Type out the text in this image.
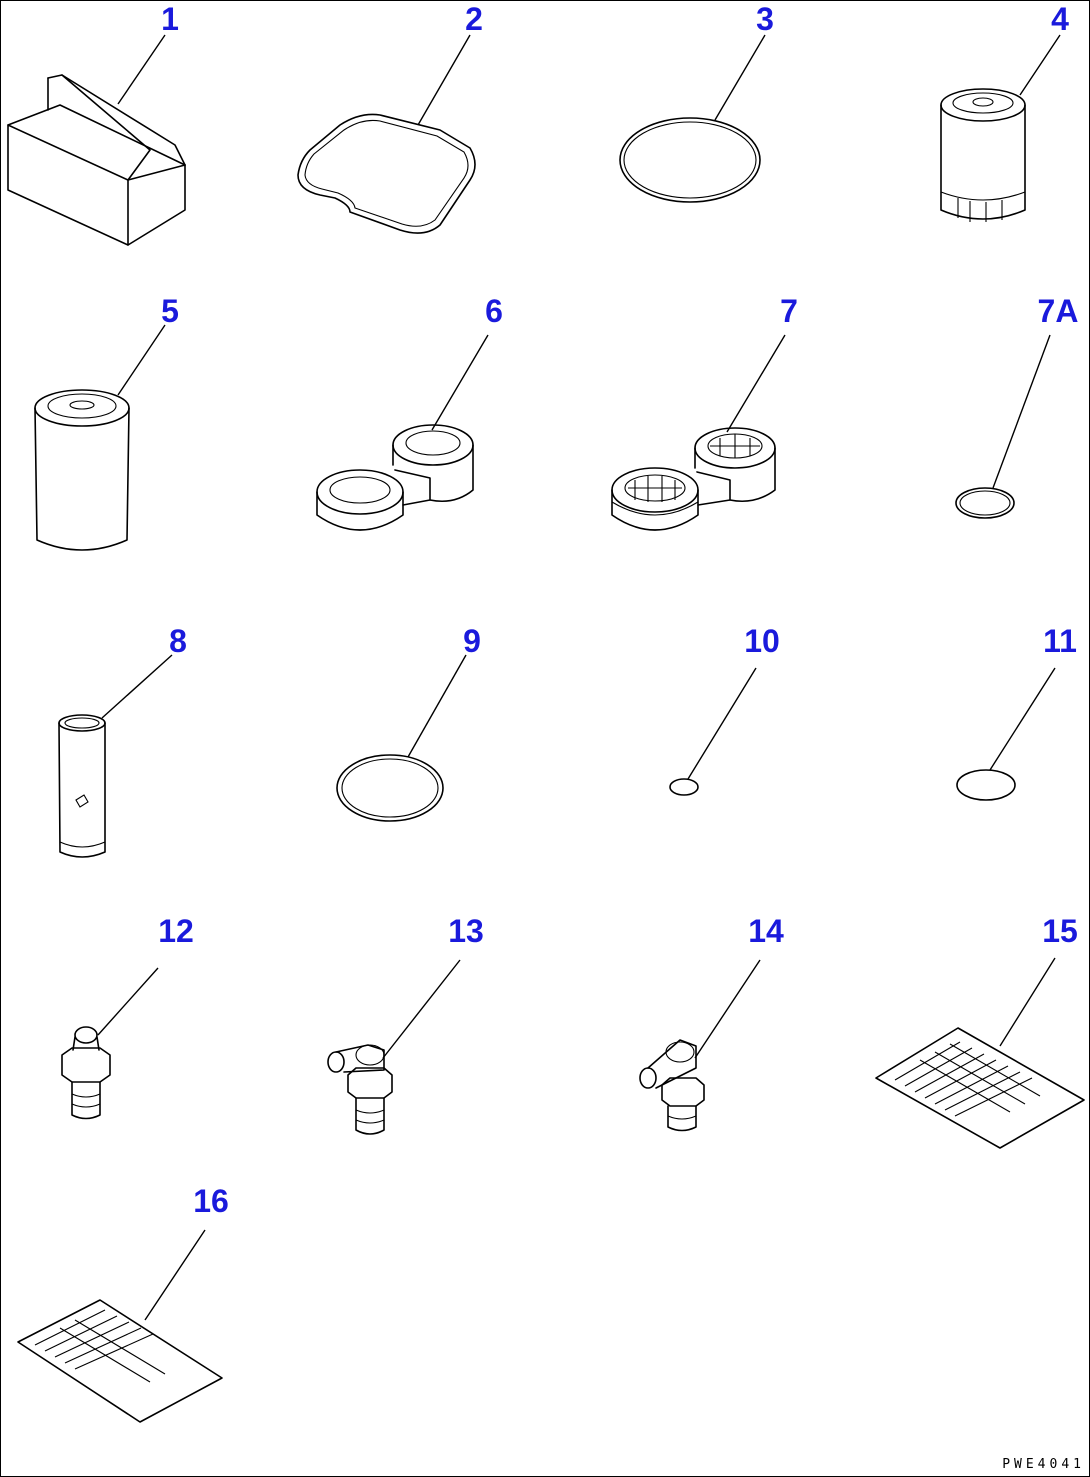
1	2	3	4
5	6	7	7A
8	9	10	11
12	13	14	15
16
PWE4041
